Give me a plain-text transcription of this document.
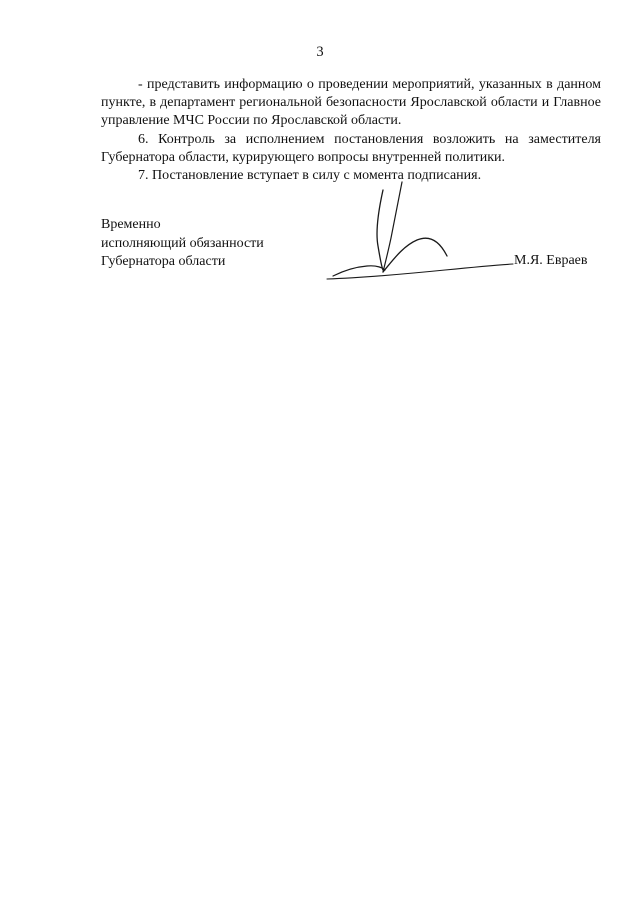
3

- представить информацию о проведении мероприятий, указанных в данном пункте, в департамент региональной безопасности Ярославской области и Главное управление МЧС России по Ярославской области.

6. Контроль за исполнением постановления возложить на заместителя Губернатора области, курирующего вопросы внутренней политики.

7. Постановление вступает в силу с момента подписания.

Временно
исполняющий обязанности
Губернатора области	М.Я. Евраев
